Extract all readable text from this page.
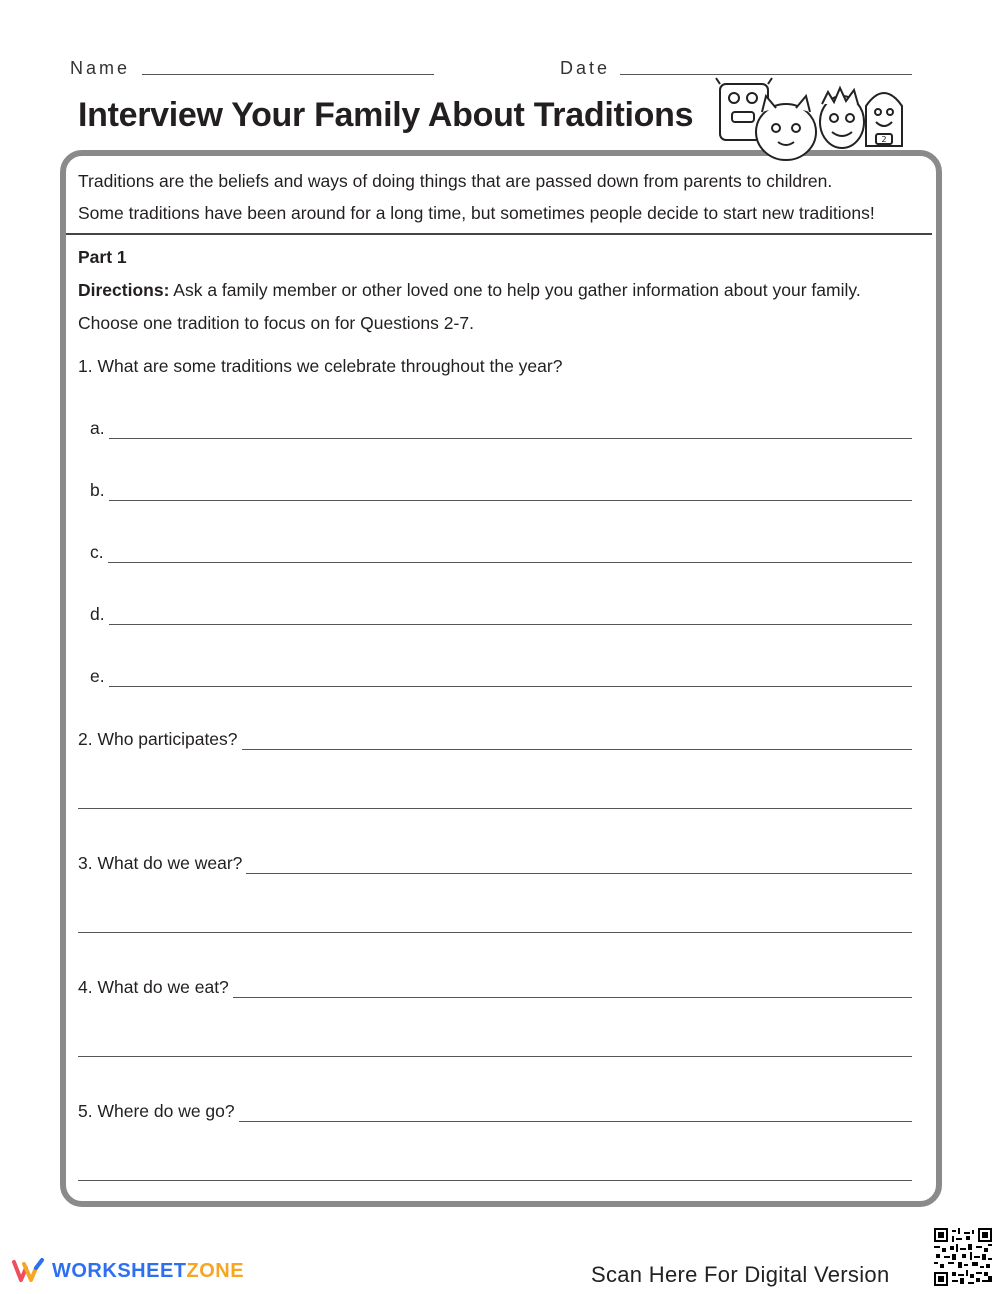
Name	Date
Interview Your Family About Traditions
2
Traditions are the beliefs and ways of doing things that are passed down from parents to children.
Some traditions have been around for a long time, but sometimes people decide to start new traditions!
Part 1
Directions: Ask a family member or other loved one to help you gather information about your family.
Choose one tradition to focus on for Questions 2-7.
1. What are some traditions we celebrate throughout the year?
a.
b.
c.
d.
e.
2. Who participates?
3. What do we wear?
4. What do we eat?
5. Where do we go?
WORKSHEETZONE	Scan Here For Digital Version
